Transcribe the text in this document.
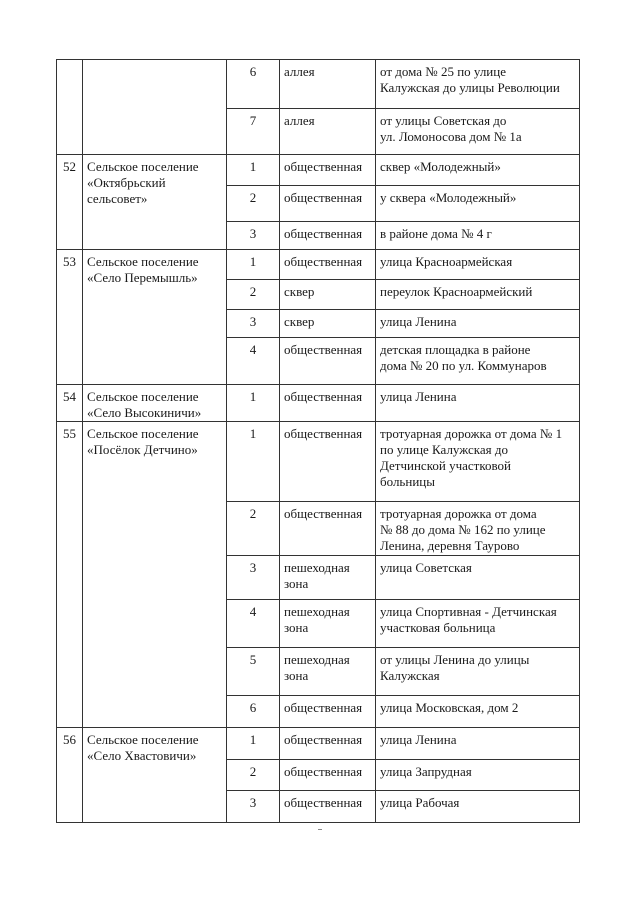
		6	аллея	от дома № 25 по улице
Калужская до улицы Революции

		7	аллея	от улицы Советская до
ул. Ломоносова дом № 1а

52	Сельское поселение
«Октябрьский
сельсовет»	1	общественная	сквер «Молодежный»

		2	общественная	у сквера «Молодежный»

		3	общественная	в районе дома № 4 г

53	Сельское поселение
«Село Перемышль»	1	общественная	улица Красноармейская

		2	сквер	переулок Красноармейский

		3	сквер	улица Ленина

		4	общественная	детская площадка в районе
дома № 20 по ул. Коммунаров

54	Сельское поселение
«Село Высокиничи»	1	общественная	улица Ленина

55	Сельское поселение
«Посёлок Детчино»	1	общественная	тротуарная дорожка от дома № 1
по улице Калужская до
Детчинской участковой
больницы

		2	общественная	тротуарная дорожка от дома
№ 88 до дома № 162 по улице
Ленина, деревня Таурово

		3	пешеходная
зона	улица Советская

		4	пешеходная
зона	улица Спортивная - Детчинская
участковая больница

		5	пешеходная
зона	от улицы Ленина до улицы
Калужская

		6	общественная	улица Московская, дом 2

56	Сельское поселение
«Село Хвастовичи»	1	общественная	улица Ленина

		2	общественная	улица Запрудная

		3	общественная	улица Рабочая
